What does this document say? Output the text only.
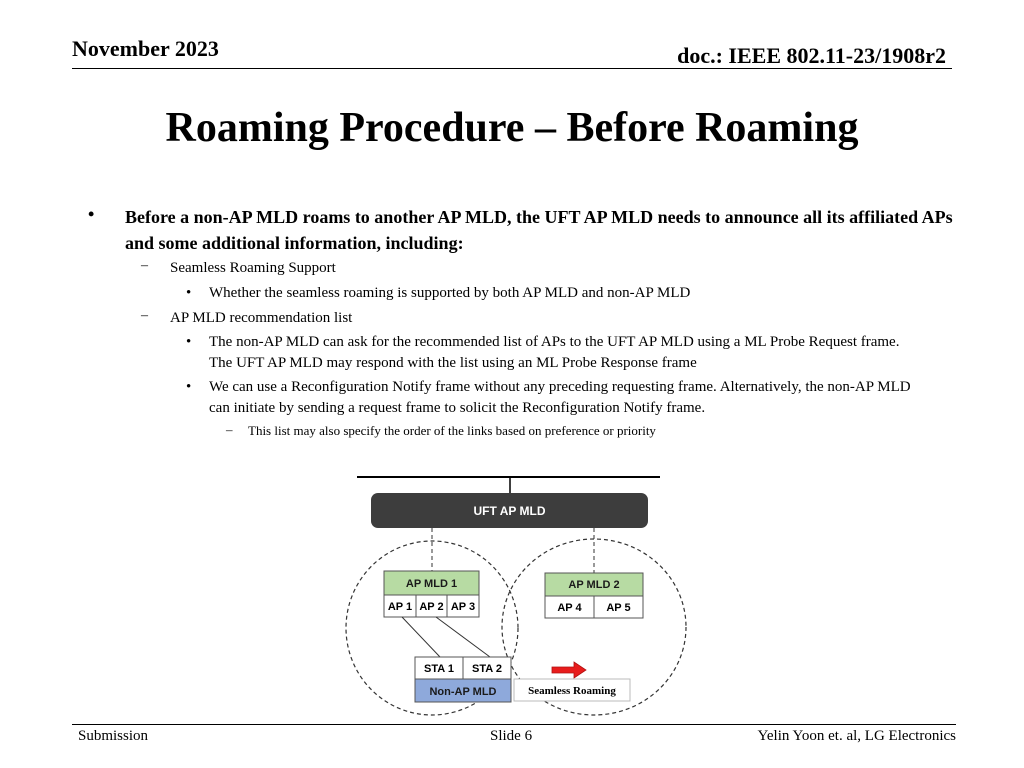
November 2023	doc.: IEEE 802.11-23/1908r2
Roaming Procedure – Before Roaming
• Before a non-AP MLD roams to another AP MLD, the UFT AP MLD needs to announce all its affiliated APs and some additional information, including:
– Seamless Roaming Support
• Whether the seamless roaming is supported by both AP MLD and non-AP MLD
– AP MLD recommendation list
• The non-AP MLD can ask for the recommended list of APs to the UFT AP MLD using a ML Probe Request frame. The UFT AP MLD may respond with the list using an ML Probe Response frame
• We can use a Reconfiguration Notify frame without any preceding requesting frame. Alternatively, the non-AP MLD can initiate by sending a request frame to solicit the Reconfiguration Notify frame.
– This list may also specify the order of the links based on preference or priority
UFT AP MLD
AP MLD 1
AP 1 AP 2 AP 3
AP MLD 2
AP 4 AP 5
STA 1 STA 2
Non-AP MLD	Seamless Roaming
Submission	Slide 6	Yelin Yoon et. al, LG Electronics
